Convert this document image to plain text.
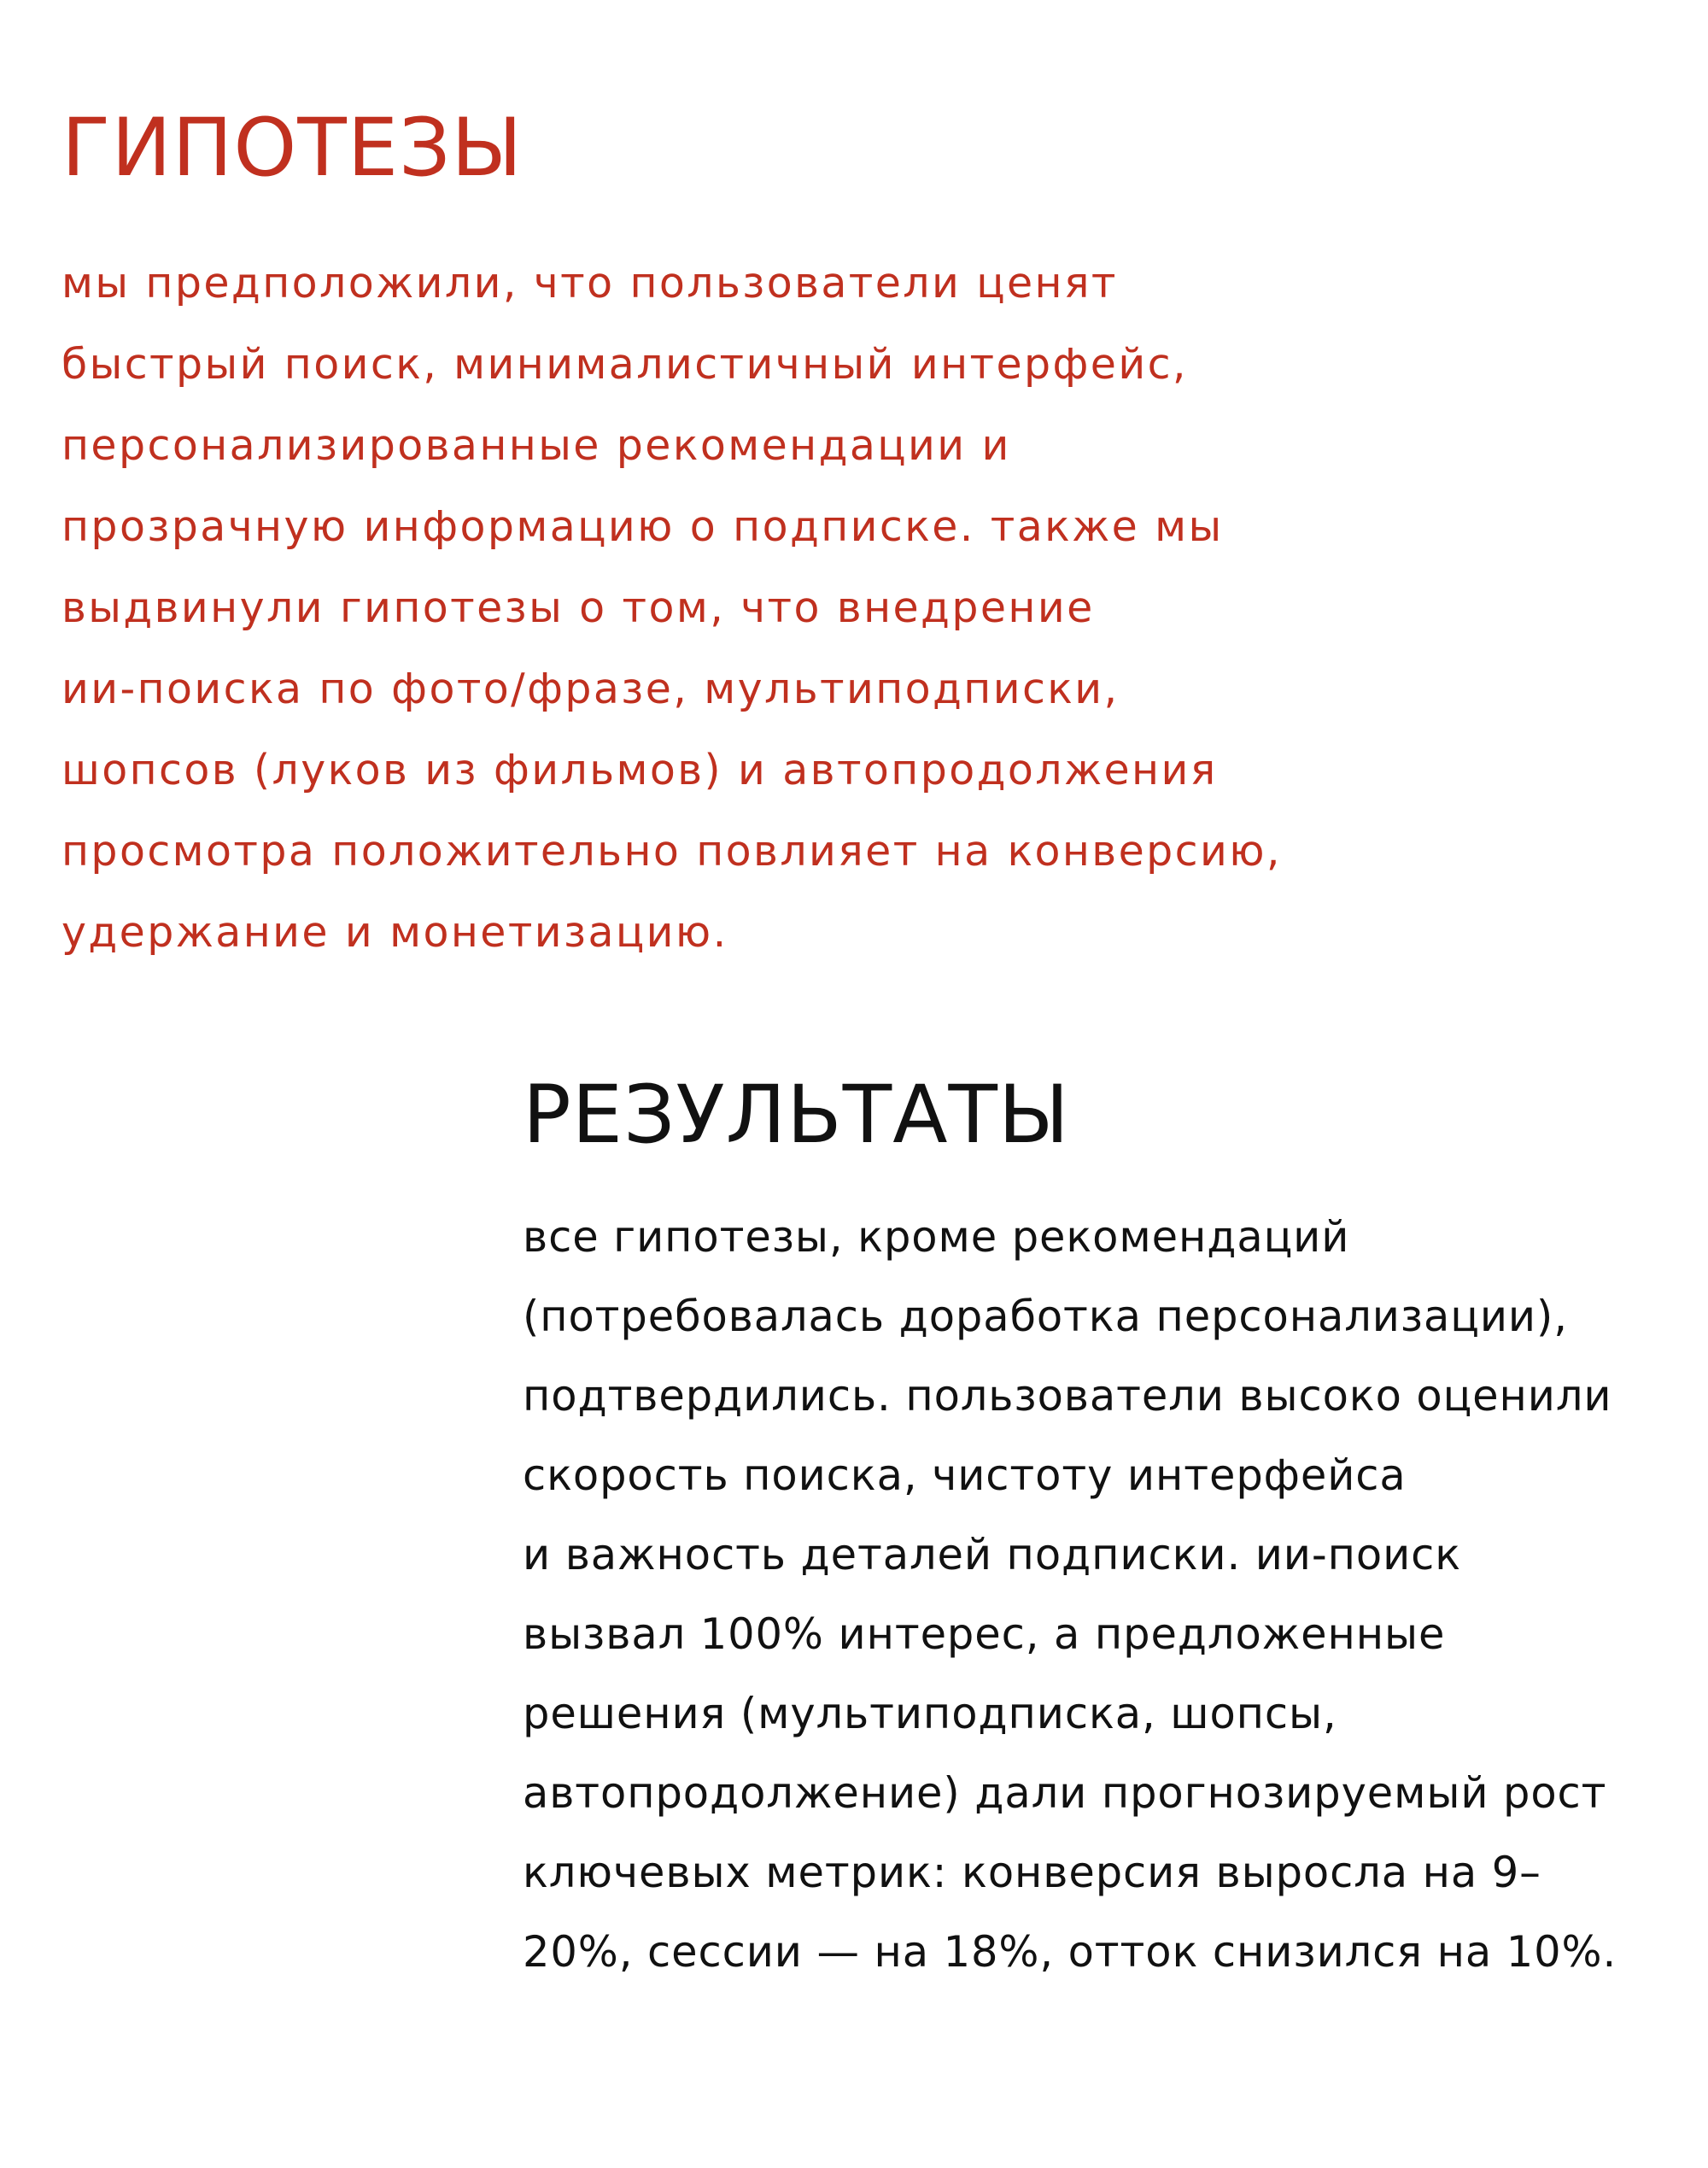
ГИПОТЕЗЫ
мы предположили, что пользователи ценят
быстрый поиск, минималистичный интерфейс,
персонализированные рекомендации и
прозрачную информацию о подписке. также мы
выдвинули гипотезы о том, что внедрение
ии-поиска по фото/фразе, мультиподписки,
шопсов (луков из фильмов) и автопродолжения
просмотра положительно повлияет на конверсию,
удержание и монетизацию.
РЕЗУЛЬТАТЫ
все гипотезы, кроме рекомендаций
(потребовалась доработка персонализации),
подтвердились. пользователи высоко оценили
скорость поиска, чистоту интерфейса
и важность деталей подписки. ии-поиск
вызвал 100% интерес, а предложенные
решения (мультиподписка, шопсы,
автопродолжение) дали прогнозируемый рост
ключевых метрик: конверсия выросла на 9–
20%, сессии — на 18%, отток снизился на 10%.
